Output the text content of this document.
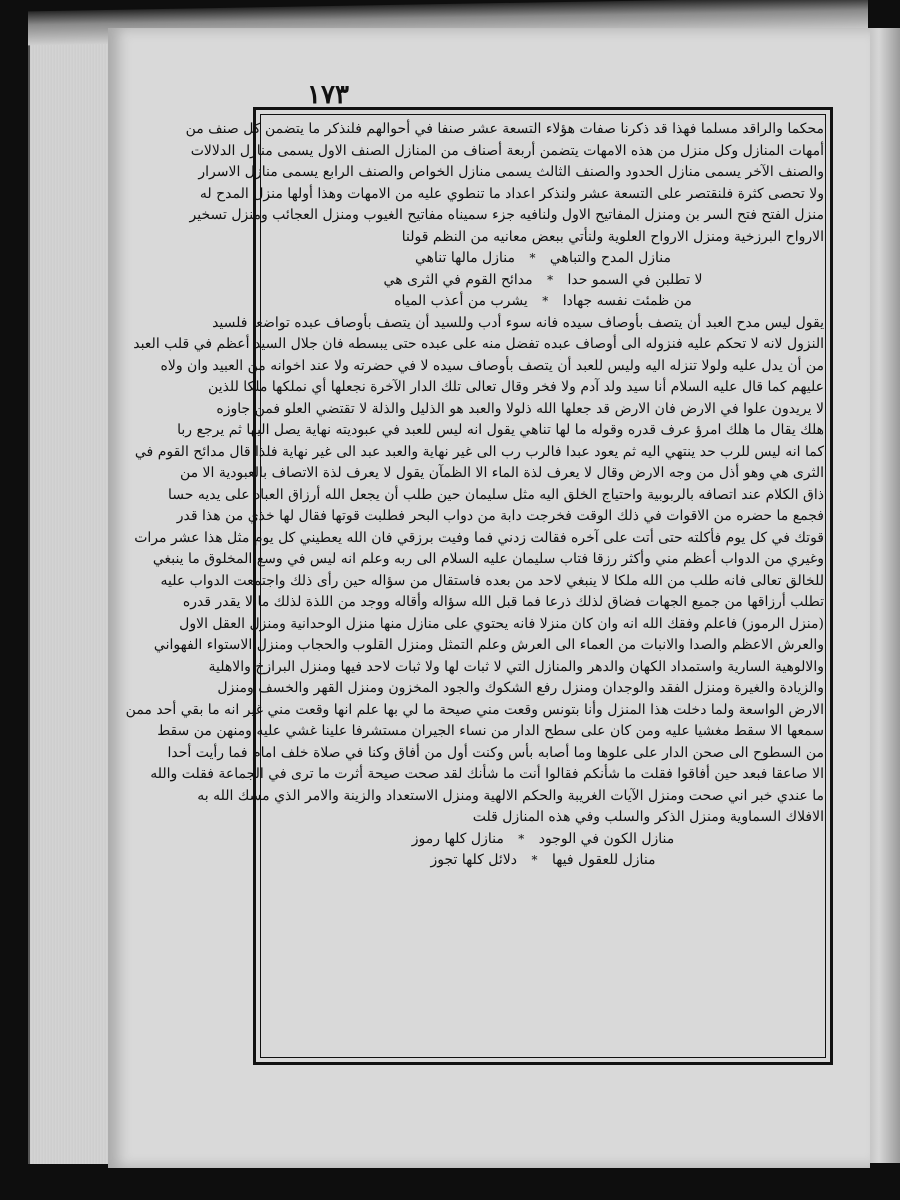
١٧٣
محكما والراقد مسلما فهذا قد ذكرنا صفات هؤلاء التسعة عشر صنفا في أحوالهم فلنذكر ما يتضمن كل صنف من
أمهات المنازل وكل منزل من هذه الامهات يتضمن أربعة أصناف من المنازل الصنف الاول يسمى منازل الدلالات
والصنف الآخر يسمى منازل الحدود والصنف الثالث يسمى منازل الخواص والصنف الرابع يسمى منازل الاسرار
ولا تحصى كثرة فلنقتصر على التسعة عشر ولنذكر اعداد ما تنطوي عليه من الامهات وهذا أولها منزل المدح له
منزل الفتح فتح السر بن ومنزل المفاتيح الاول ولنافيه جزء سميناه مفاتيح الغيوب ومنزل العجائب ومنزل تسخير
الارواح البرزخية ومنزل الارواح العلوية ولنأتي ببعض معانيه من النظم قولنا
منازل المدح والتباهي * منازل مالها تناهي
لا تطلبن في السمو حدا * مدائح القوم في الثرى هي
من ظمئت نفسه جهادا * يشرب من أعذب المياه
يقول ليس مدح العبد أن يتصف بأوصاف سيده فانه سوء أدب وللسيد أن يتصف بأوصاف عبده تواضعا فلسيد
النزول لانه لا تحكم عليه فنزوله الى أوصاف عبده تفضل منه على عبده حتى يبسطه فان جلال السيد أعظم في قلب العبد
من أن يدل عليه ولولا تنزله اليه وليس للعبد أن يتصف بأوصاف سيده لا في حضرته ولا عند اخوانه من العبيد وان ولاه
عليهم كما قال عليه السلام أنا سيد ولد آدم ولا فخر وقال تعالى تلك الدار الآخرة نجعلها أي نملكها ملكا للذين
لا يريدون علوا في الارض فان الارض قد جعلها الله ذلولا والعبد هو الذليل والذلة لا تقتضي العلو فمن جاوزه
هلك يقال ما هلك امرؤ عرف قدره وقوله ما لها تناهي يقول انه ليس للعبد في عبوديته نهاية يصل اليها ثم يرجع ربا
كما انه ليس للرب حد ينتهي اليه ثم يعود عبدا فالرب رب الى غير نهاية والعبد عبد الى غير نهاية فلذا قال مدائح القوم في
الثرى هي وهو أذل من وجه الارض وقال لا يعرف لذة الماء الا الظمآن يقول لا يعرف لذة الاتصاف بالعبودية الا من
ذاق الكلام عند اتصافه بالربوبية واحتياج الخلق اليه مثل سليمان حين طلب أن يجعل الله أرزاق العباد على يديه حسا
فجمع ما حضره من الاقوات في ذلك الوقت فخرجت دابة من دواب البحر فطلبت قوتها فقال لها خذي من هذا قدر
قوتك في كل يوم فأكلته حتى أتت على آخره فقالت زدني فما وفيت برزقي فان الله يعطيني كل يوم مثل هذا عشر مرات
وغيري من الدواب أعظم مني وأكثر رزقا فتاب سليمان عليه السلام الى ربه وعلم انه ليس في وسع المخلوق ما ينبغي
للخالق تعالى فانه طلب من الله ملكا لا ينبغي لاحد من بعده فاستقال من سؤاله حين رأى ذلك واجتمعت الدواب عليه
تطلب أرزاقها من جميع الجهات فضاق لذلك ذرعا فما قبل الله سؤاله وأقاله ووجد من اللذة لذلك ما لا يقدر قدره
(منزل الرموز) فاعلم وفقك الله انه وان كان منزلا فانه يحتوي على منازل منها منزل الوحدانية ومنزل العقل الاول
والعرش الاعظم والصدا والانبات من العماء الى العرش وعلم التمثل ومنزل القلوب والحجاب ومنزل الاستواء الفهواني
والالوهية السارية واستمداد الكهان والدهر والمنازل التي لا ثبات لها ولا ثبات لاحد فيها ومنزل البرازخ والاهلية
والزيادة والغيرة ومنزل الفقد والوجدان ومنزل رفع الشكوك والجود المخزون ومنزل القهر والخسف ومنزل
الارض الواسعة ولما دخلت هذا المنزل وأنا بتونس وقعت مني صيحة ما لي بها علم انها وقعت مني غير انه ما بقي أحد ممن
سمعها الا سقط مغشيا عليه ومن كان على سطح الدار من نساء الجيران مستشرفا علينا غشي عليه ومنهن من سقط
من السطوح الى صحن الدار على علوها وما أصابه بأس وكنت أول من أفاق وكنا في صلاة خلف امام فما رأيت أحدا
الا صاعقا فبعد حين أفاقوا فقلت ما شأنكم فقالوا أنت ما شأنك لقد صحت صيحة أثرت ما ترى في الجماعة فقلت والله
ما عندي خبر اني صحت ومنزل الآيات الغريبة والحكم الالهية ومنزل الاستعداد والزينة والامر الذي مسك الله به
الافلاك السماوية ومنزل الذكر والسلب وفي هذه المنازل قلت
منازل الكون في الوجود * منازل كلها رموز
منازل للعقول فيها * دلائل كلها تجوز
